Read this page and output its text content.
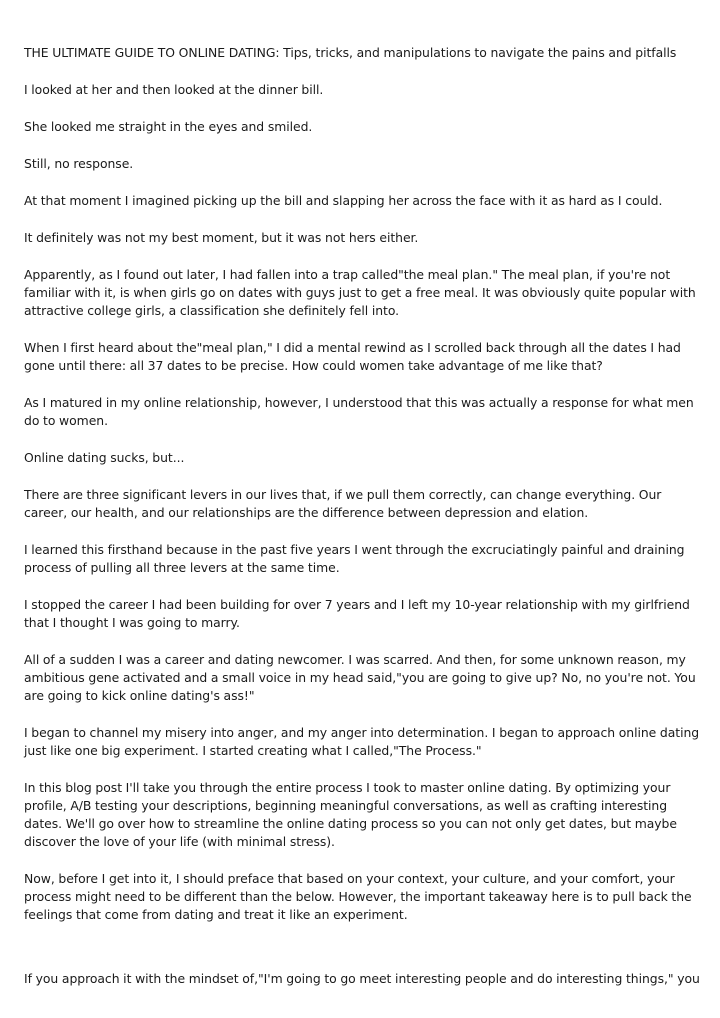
THE ULTIMATE GUIDE TO ONLINE DATING: Tips, tricks, and manipulations to navigate the pains and pitfalls

I looked at her and then looked at the dinner bill.

She looked me straight in the eyes and smiled.

Still, no response.

At that moment I imagined picking up the bill and slapping her across the face with it as hard as I could.

It definitely was not my best moment, but it was not hers either.

Apparently, as I found out later, I had fallen into a trap called"the meal plan." The meal plan, if you're not familiar with it, is when girls go on dates with guys just to get a free meal. It was obviously quite popular with attractive college girls, a classification she definitely fell into.

When I first heard about the"meal plan," I did a mental rewind as I scrolled back through all the dates I had gone until there: all 37 dates to be precise. How could women take advantage of me like that?

As I matured in my online relationship, however, I understood that this was actually a response for what men do to women.

Online dating sucks, but...

There are three significant levers in our lives that, if we pull them correctly, can change everything. Our career, our health, and our relationships are the difference between depression and elation.

I learned this firsthand because in the past five years I went through the excruciatingly painful and draining process of pulling all three levers at the same time.

I stopped the career I had been building for over 7 years and I left my 10-year relationship with my girlfriend that I thought I was going to marry.

All of a sudden I was a career and dating newcomer. I was scarred. And then, for some unknown reason, my ambitious gene activated and a small voice in my head said,"you are going to give up? No, no you're not. You are going to kick online dating's ass!"

I began to channel my misery into anger, and my anger into determination. I began to approach online dating just like one big experiment. I started creating what I called,"The Process."

In this blog post I'll take you through the entire process I took to master online dating. By optimizing your profile, A/B testing your descriptions, beginning meaningful conversations, as well as crafting interesting dates. We'll go over how to streamline the online dating process so you can not only get dates, but maybe discover the love of your life (with minimal stress).

Now, before I get into it, I should preface that based on your context, your culture, and your comfort, your process might need to be different than the below. However, the important takeaway here is to pull back the feelings that come from dating and treat it like an experiment.

If you approach it with the mindset of,"I'm going to go meet interesting people and do interesting things," you
